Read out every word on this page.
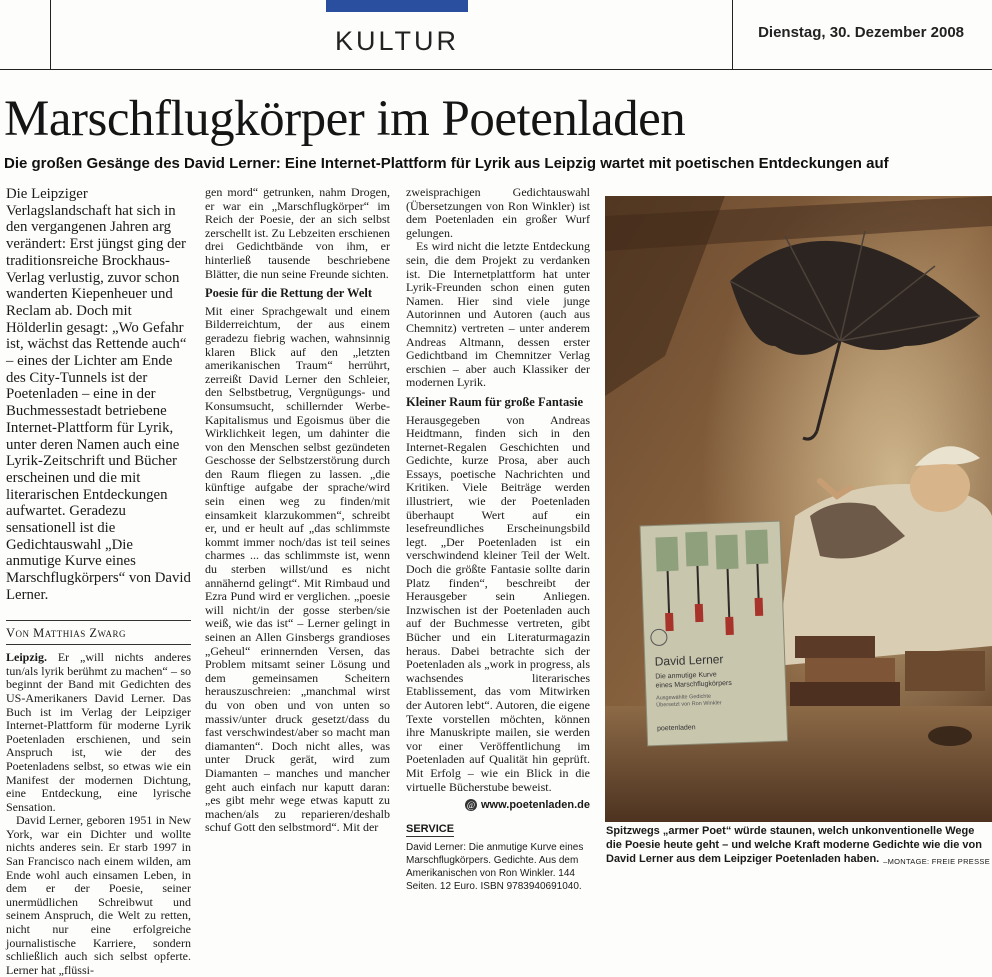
KULTUR	Dienstag, 30. Dezember 2008
Marschflugkörper im Poetenladen
Die großen Gesänge des David Lerner: Eine Internet-Plattform für Lyrik aus Leipzig wartet mit poetischen Entdeckungen auf

Die Leipziger Verlagslandschaft hat sich in den vergangenen Jahren arg verändert: Erst jüngst ging der traditionsreiche Brockhaus-Verlag verlustig, zuvor schon wanderten Kiepenheuer und Reclam ab. Doch mit Hölderlin gesagt: „Wo Gefahr ist, wächst das Rettende auch“ – eines der Lichter am Ende des City-Tunnels ist der Poetenladen – eine in der Buchmessestadt betriebene Internet-Plattform für Lyrik, unter deren Namen auch eine Lyrik-Zeitschrift und Bücher erscheinen und die mit literarischen Entdeckungen aufwartet. Geradezu sensationell ist die Gedichtauswahl „Die anmutige Kurve eines Marschflugkörpers“ von David Lerner.

Von Matthias Zwarg

Leipzig. Er „will nichts anderes tun/als lyrik berühmt zu machen“ – so beginnt der Band mit Gedichten des US-Amerikaners David Lerner. Das Buch ist im Verlag der Leipziger Internet-Plattform für moderne Lyrik Poetenladen erschienen, und sein Anspruch ist, wie der des Poetenladens selbst, so etwas wie ein Manifest der modernen Dichtung, eine Entdeckung, eine lyrische Sensation.

David Lerner, geboren 1951 in New York, war ein Dichter und wollte nichts anderes sein. Er starb 1997 in San Francisco nach einem wilden, am Ende wohl auch einsamen Leben, in dem er der Poesie, seiner unermüdlichen Schreibwut und seinem Anspruch, die Welt zu retten, nicht nur eine erfolgreiche journalistische Karriere, sondern schließlich auch sich selbst opferte. Lerner hat „flüssi-

gen mord“ getrunken, nahm Drogen, er war ein „Marschflugkörper“ im Reich der Poesie, der an sich selbst zerschellt ist. Zu Lebzeiten erschienen drei Gedichtbände von ihm, er hinterließ tausende beschriebene Blätter, die nun seine Freunde sichten.

Poesie für die Rettung der Welt

Mit einer Sprachgewalt und einem Bilderreichtum, der aus einem geradezu fiebrig wachen, wahnsinnig klaren Blick auf den „letzten amerikanischen Traum“ herrührt, zerreißt David Lerner den Schleier, den Selbstbetrug, Vergnügungs- und Konsumsucht, schillernder Werbe-Kapitalismus und Egoismus über die Wirklichkeit legen, um dahinter die von den Menschen selbst gezündeten Geschosse der Selbstzerstörung durch den Raum fliegen zu lassen. „die künftige aufgabe der sprache/wird sein einen weg zu finden/mit einsamkeit klarzukommen“, schreibt er, und er heult auf „das schlimmste kommt immer noch/das ist teil seines charmes ... das schlimmste ist, wenn du sterben willst/und es nicht annähernd gelingt“. Mit Rimbaud und Ezra Pund wird er verglichen. „poesie will nicht/in der gosse sterben/sie weiß, wie das ist“ – Lerner gelingt in seinen an Allen Ginsbergs grandioses „Geheul“ erinnernden Versen, das Problem mitsamt seiner Lösung und dem gemeinsamen Scheitern herauszuschreien: „manchmal wirst du von oben und von unten so massiv/unter druck gesetzt/dass du fast verschwindest/aber so macht man diamanten“. Doch nicht alles, was unter Druck gerät, wird zum Diamanten – manches und mancher geht auch einfach nur kaputt daran: „es gibt mehr wege etwas kaputt zu machen/als zu reparieren/deshalb schuf Gott den selbstmord“. Mit der

zweisprachigen Gedichtauswahl (Übersetzungen von Ron Winkler) ist dem Poetenladen ein großer Wurf gelungen.

Es wird nicht die letzte Entdeckung sein, die dem Projekt zu verdanken ist. Die Internetplattform hat unter Lyrik-Freunden schon einen guten Namen. Hier sind viele junge Autorinnen und Autoren (auch aus Chemnitz) vertreten – unter anderem Andreas Altmann, dessen erster Gedichtband im Chemnitzer Verlag erschien – aber auch Klassiker der modernen Lyrik.

Kleiner Raum für große Fantasie

Herausgegeben von Andreas Heidtmann, finden sich in den Internet-Regalen Geschichten und Gedichte, kurze Prosa, aber auch Essays, poetische Nachrichten und Kritiken. Viele Beiträge werden illustriert, wie der Poetenladen überhaupt Wert auf ein lesefreundliches Erscheinungsbild legt. „Der Poetenladen ist ein verschwindend kleiner Teil der Welt. Doch die größte Fantasie sollte darin Platz finden“, beschreibt der Herausgeber sein Anliegen. Inzwischen ist der Poetenladen auch auf der Buchmesse vertreten, gibt Bücher und ein Literaturmagazin heraus. Dabei betrachte sich der Poetenladen als „work in progress, als wachsendes literarisches Etablissement, das vom Mitwirken der Autoren lebt“. Autoren, die eigene Texte vorstellen möchten, können ihre Manuskripte mailen, sie werden vor einer Veröffentlichung im Poetenladen auf Qualität hin geprüft. Mit Erfolg – wie ein Blick in die virtuelle Bücherstube beweist.

@ www.poetenladen.de

SERVICE

David Lerner: Die anmutige Kurve eines Marschflugkörpers. Gedichte. Aus dem Amerikanischen von Ron Winkler. 144 Seiten. 12 Euro. ISBN 9783940691040.

David Lerner
Die anmutige Kurve
eines Marschflugkörpers
Ausgewählte Gedichte
Übersetzt von Ron Winkler
poetenladen
Spitzwegs „armer Poet“ würde staunen, welch unkonventionelle Wege die Poesie heute geht – und welche Kraft moderne Gedichte wie die von David Lerner aus dem Leipziger Poetenladen haben. –MONTAGE: FREIE PRESSE
